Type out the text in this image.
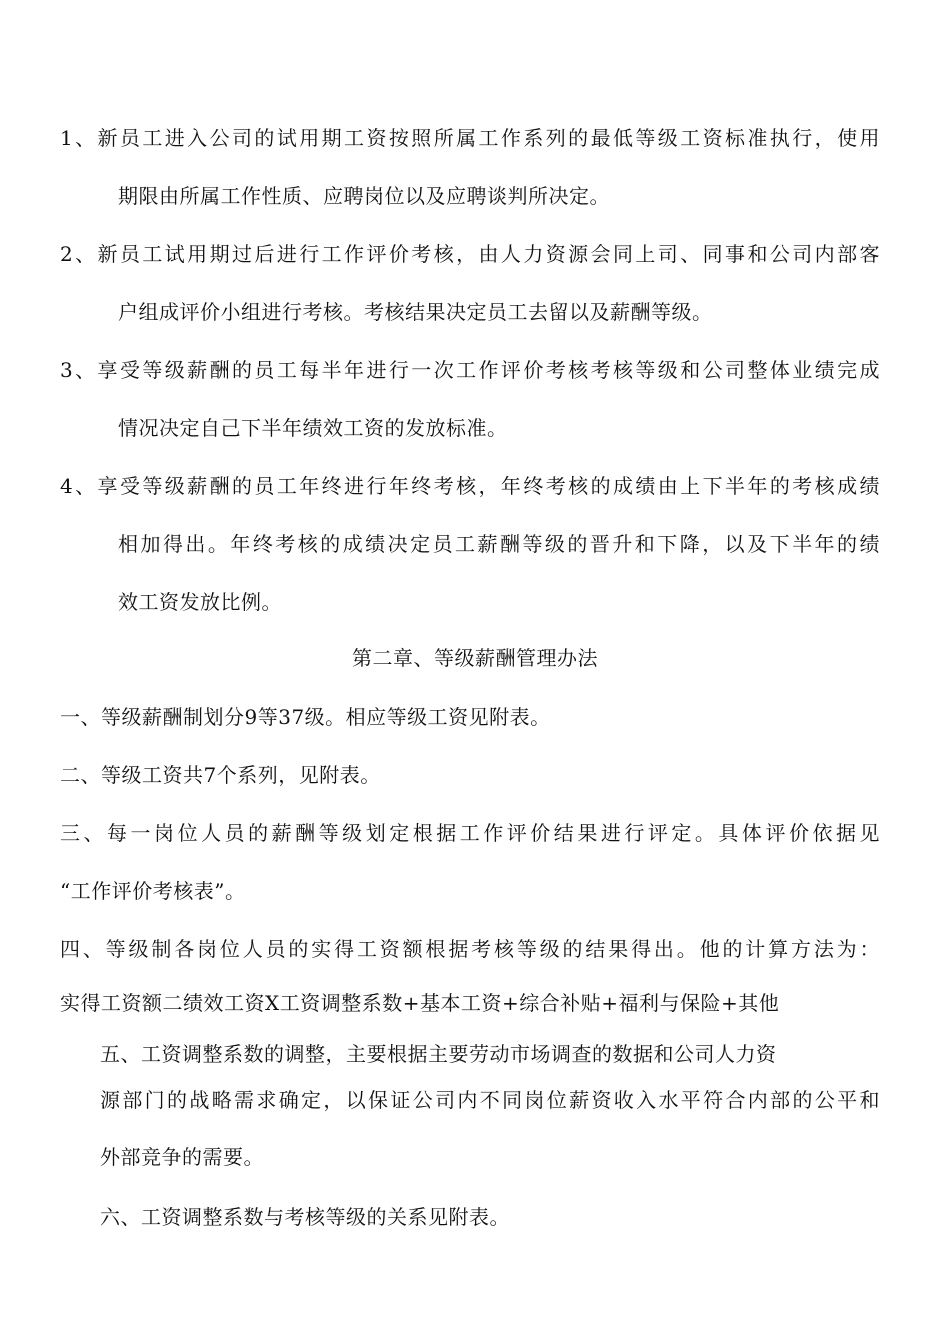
1、新员工进入公司的试用期工资按照所属工作系列的最低等级工资标准执行，使用
期限由所属工作性质、应聘岗位以及应聘谈判所决定。
2、新员工试用期过后进行工作评价考核，由人力资源会同上司、同事和公司内部客
户组成评价小组进行考核。考核结果决定员工去留以及薪酬等级。
3、享受等级薪酬的员工每半年进行一次工作评价考核考核等级和公司整体业绩完成
情况决定自己下半年绩效工资的发放标准。
4、享受等级薪酬的员工年终进行年终考核，年终考核的成绩由上下半年的考核成绩
相加得出。年终考核的成绩决定员工薪酬等级的晋升和下降，以及下半年的绩
效工资发放比例。
第二章、等级薪酬管理办法
一、等级薪酬制划分9等37级。相应等级工资见附表。
二、等级工资共7个系列，见附表。
三、每一岗位人员的薪酬等级划定根据工作评价结果进行评定。具体评价依据见
“工作评价考核表”。
四、等级制各岗位人员的实得工资额根据考核等级的结果得出。他的计算方法为：
实得工资额二绩效工资X工资调整系数+基本工资+综合补贴+福利与保险+其他
五、工资调整系数的调整，主要根据主要劳动市场调查的数据和公司人力资
源部门的战略需求确定，以保证公司内不同岗位薪资收入水平符合内部的公平和
外部竞争的需要。
六、工资调整系数与考核等级的关系见附表。
